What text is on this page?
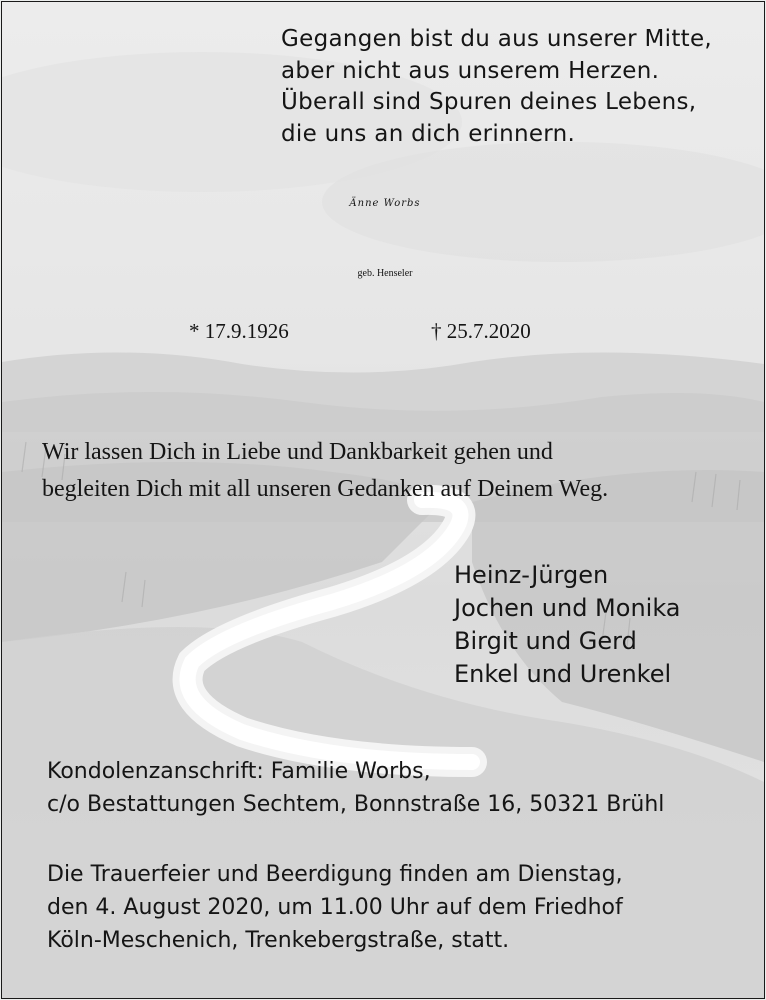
Gegangen bist du aus unserer Mitte,
aber nicht aus unserem Herzen.
Überall sind Spuren deines Lebens,
die uns an dich erinnern.
Änne Worbs
geb. Henseler
* 17.9.1926	† 25.7.2020
Wir lassen Dich in Liebe und Dankbarkeit gehen und
begleiten Dich mit all unseren Gedanken auf Deinem Weg.
Heinz-Jürgen
Jochen und Monika
Birgit und Gerd
Enkel und Urenkel
Kondolenzanschrift: Familie Worbs,
c/o Bestattungen Sechtem, Bonnstraße 16, 50321 Brühl
Die Trauerfeier und Beerdigung finden am Dienstag,
den 4. August 2020, um 11.00 Uhr auf dem Friedhof
Köln-Meschenich, Trenkebergstraße, statt.
